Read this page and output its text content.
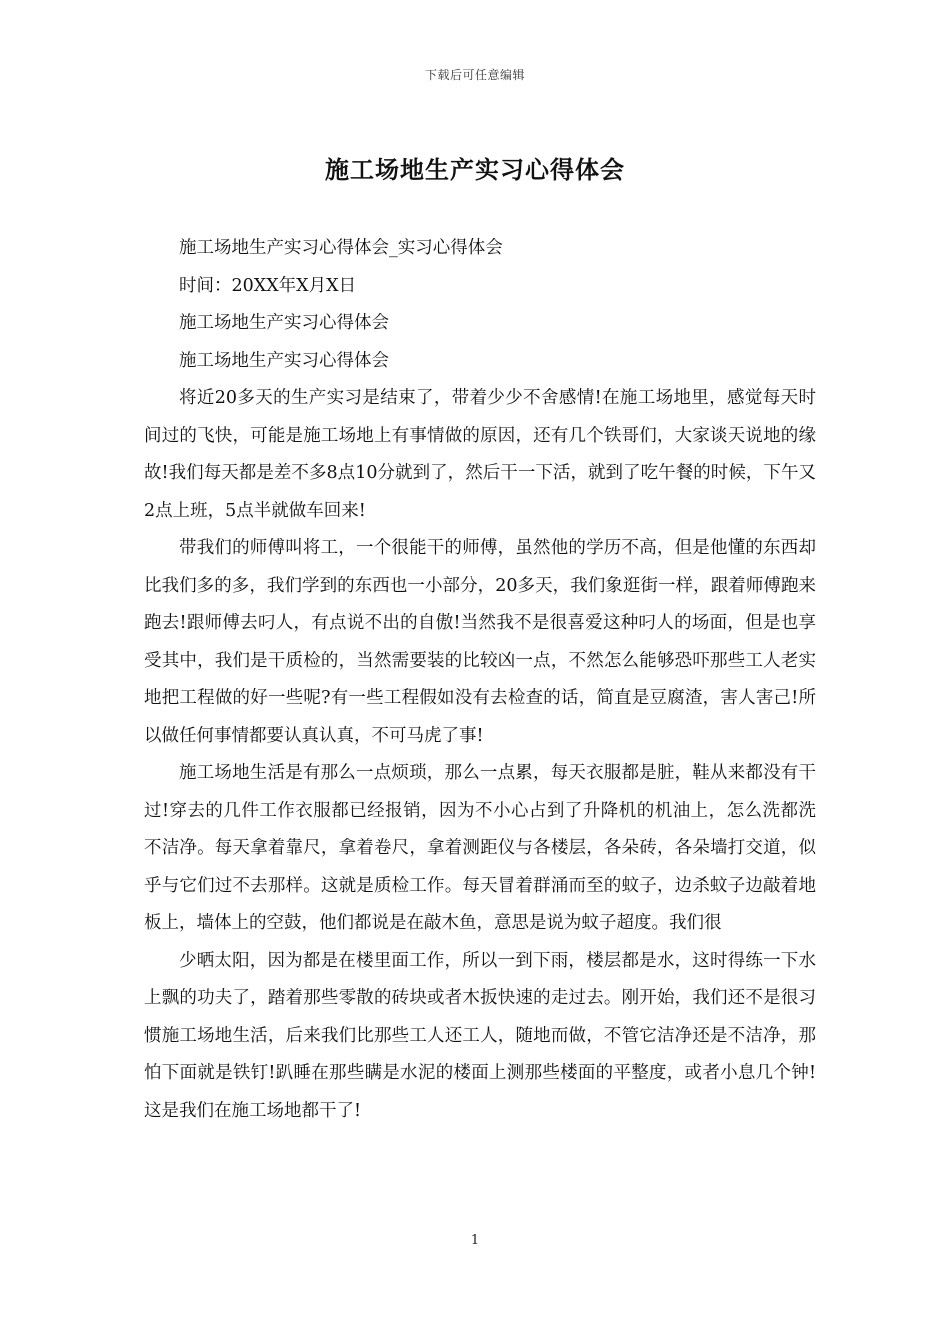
下载后可任意编辑
施工场地生产实习心得体会

施工场地生产实习心得体会_实习心得体会

时间：20XX年X月X日

施工场地生产实习心得体会

施工场地生产实习心得体会

将近20多天的生产实习是结束了，带着少少不舍感情!在施工场地里，感觉每天时间过的飞快，可能是施工场地上有事情做的原因，还有几个铁哥们，大家谈天说地的缘故!我们每天都是差不多8点10分就到了，然后干一下活，就到了吃午餐的时候，下午又2点上班，5点半就做车回来!

带我们的师傅叫将工，一个很能干的师傅，虽然他的学历不高，但是他懂的东西却比我们多的多，我们学到的东西也一小部分，20多天，我们象逛街一样，跟着师傅跑来跑去!跟师傅去叼人，有点说不出的自傲!当然我不是很喜爱这种叼人的场面，但是也享受其中，我们是干质检的，当然需要装的比较凶一点，不然怎么能够恐吓那些工人老实地把工程做的好一些呢?有一些工程假如没有去检查的话，简直是豆腐渣，害人害己!所以做任何事情都要认真认真，不可马虎了事!

施工场地生活是有那么一点烦琐，那么一点累，每天衣服都是脏，鞋从来都没有干过!穿去的几件工作衣服都已经报销，因为不小心占到了升降机的机油上，怎么洗都洗不洁净。每天拿着靠尺，拿着卷尺，拿着测距仪与各楼层，各朵砖，各朵墙打交道，似乎与它们过不去那样。这就是质检工作。每天冒着群涌而至的蚊子，边杀蚊子边敲着地板上，墙体上的空鼓，他们都说是在敲木鱼，意思是说为蚊子超度。我们很

少晒太阳，因为都是在楼里面工作，所以一到下雨，楼层都是水，这时得练一下水上飘的功夫了，踏着那些零散的砖块或者木扳快速的走过去。刚开始，我们还不是很习惯施工场地生活，后来我们比那些工人还工人，随地而做，不管它洁净还是不洁净，那怕下面就是铁钉!趴睡在那些瞒是水泥的楼面上测那些楼面的平整度，或者小息几个钟!这是我们在施工场地都干了!

1
